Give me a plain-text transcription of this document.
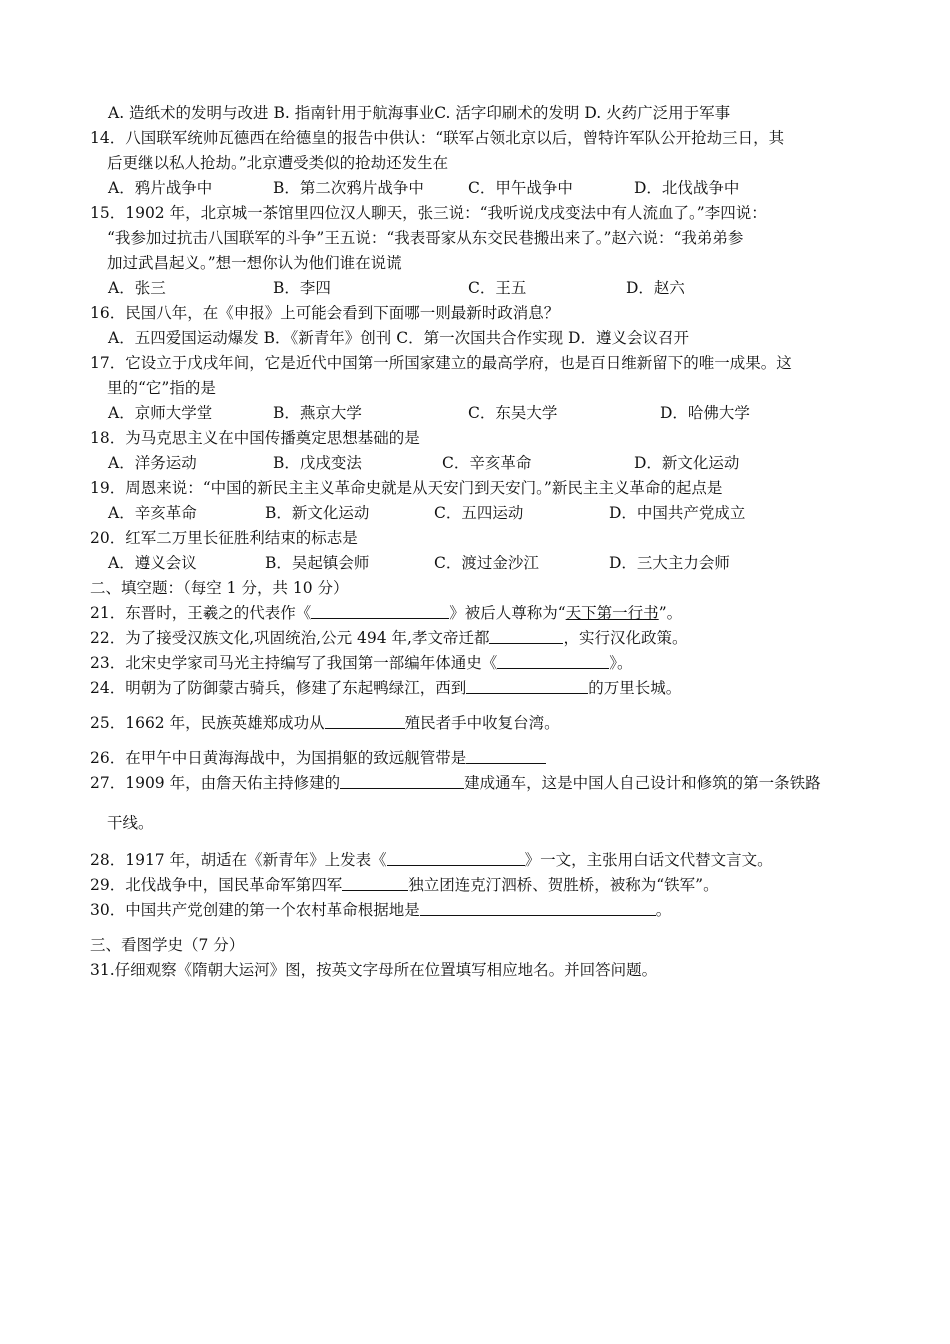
A. 造纸术的发明与改进 B. 指南针用于航海事业C. 活字印刷术的发明 D. 火药广泛用于军事
14．八国联军统帅瓦德西在给德皇的报告中供认：“联军占领北京以后，曾特许军队公开抢劫三日，其
后更继以私人抢劫。”北京遭受类似的抢劫还发生在
A．鸦片战争中	B．第二次鸦片战争中	C．甲午战争中	D．北伐战争中
15．1902 年，北京城一茶馆里四位汉人聊天，张三说：“我听说戊戌变法中有人流血了。”李四说：
“我参加过抗击八国联军的斗争”王五说：“我表哥家从东交民巷搬出来了。”赵六说：“我弟弟参
加过武昌起义。”想一想你认为他们谁在说谎
A．张三	B．李四	C．王五	D．赵六
16．民国八年，在《申报》上可能会看到下面哪一则最新时政消息？
A．五四爱国运动爆发 B．《新青年》创刊 C．第一次国共合作实现 D．遵义会议召开
17．它设立于戊戌年间，它是近代中国第一所国家建立的最高学府，也是百日维新留下的唯一成果。这
里的“它”指的是
A．京师大学堂	B．燕京大学	C．东吴大学	D．哈佛大学
18．为马克思主义在中国传播奠定思想基础的是
A．洋务运动	B．戊戌变法	C．辛亥革命	D．新文化运动
19．周恩来说：“中国的新民主主义革命史就是从天安门到天安门。”新民主主义革命的起点是
A．辛亥革命	B．新文化运动	C．五四运动	D．中国共产党成立
20．红军二万里长征胜利结束的标志是
A．遵义会议	B．吴起镇会师	C．渡过金沙江	D．三大主力会师
二、填空题：（每空 1 分，共 10 分）
21．东晋时，王羲之的代表作《	》被后人尊称为“天下第一行书”。
22．为了接受汉族文化,巩固统治,公元 494 年,孝文帝迁都	，实行汉化政策。
23．北宋史学家司马光主持编写了我国第一部编年体通史《	》。
24．明朝为了防御蒙古骑兵，修建了东起鸭绿江，西到	的万里长城。
25．1662 年，民族英雄郑成功从	殖民者手中收复台湾。
26．在甲午中日黄海海战中，为国捐躯的致远舰管带是
27．1909 年，由詹天佑主持修建的	建成通车，这是中国人自己设计和修筑的第一条铁路
干线。
28．1917 年，胡适在《新青年》上发表《	》一文，主张用白话文代替文言文。
29．北伐战争中，国民革命军第四军	独立团连克汀泗桥、贺胜桥，被称为“铁军”。
30．中国共产党创建的第一个农村革命根据地是	。
三、看图学史（7 分）
31.仔细观察《隋朝大运河》图，按英文字母所在位置填写相应地名。并回答问题。
